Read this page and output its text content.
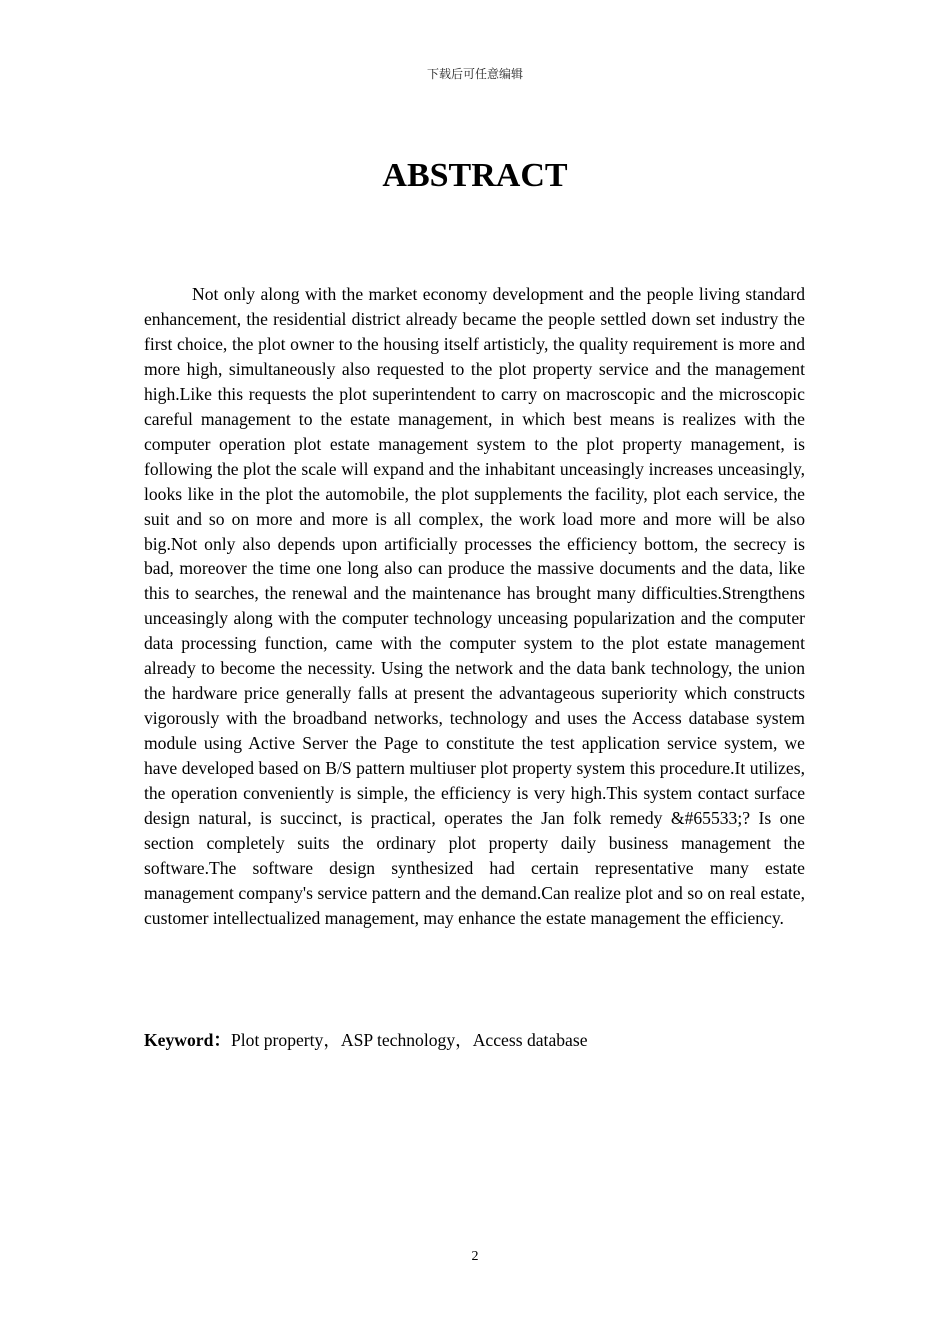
下载后可任意编辑
ABSTRACT

Not only along with the market economy development and the people living standard enhancement, the residential district already became the people settled down set industry the first choice, the plot owner to the housing itself artisticly, the quality requirement is more and more high, simultaneously also requested to the plot property service and the management high.Like this requests the plot superintendent to carry on macroscopic and the microscopic careful management to the estate management, in which best means is realizes with the computer operation plot estate management system to the plot property management, is following the plot the scale will expand and the inhabitant unceasingly increases unceasingly, looks like in the plot the automobile, the plot supplements the facility, plot each service, the suit and so on more and more is all complex, the work load more and more will be also big.Not only also depends upon artificially processes the efficiency bottom, the secrecy is bad, moreover the time one long also can produce the massive documents and the data, like this to searches, the renewal and the maintenance has brought many difficulties.Strengthens unceasingly along with the computer technology unceasing popularization and the computer data processing function, came with the computer system to the plot estate management already to become the necessity. Using the network and the data bank technology, the union the hardware price generally falls at present the advantageous superiority which constructs vigorously with the broadband networks, technology and uses the Access database system module using Active Server the Page to constitute the test application service system, we have developed based on B/S pattern multiuser plot property system this procedure.It utilizes, the operation conveniently is simple, the efficiency is very high.This system contact surface design natural, is succinct, is practical, operates the Jan folk remedy &#65533;? Is one section completely suits the ordinary plot property daily business management the software.The software design synthesized had certain representative many estate management company's service pattern and the demand.Can realize plot and so on real estate, customer intellectualized management, may enhance the estate management the efficiency.

Keyword：Plot property，ASP technology，Access database

2
